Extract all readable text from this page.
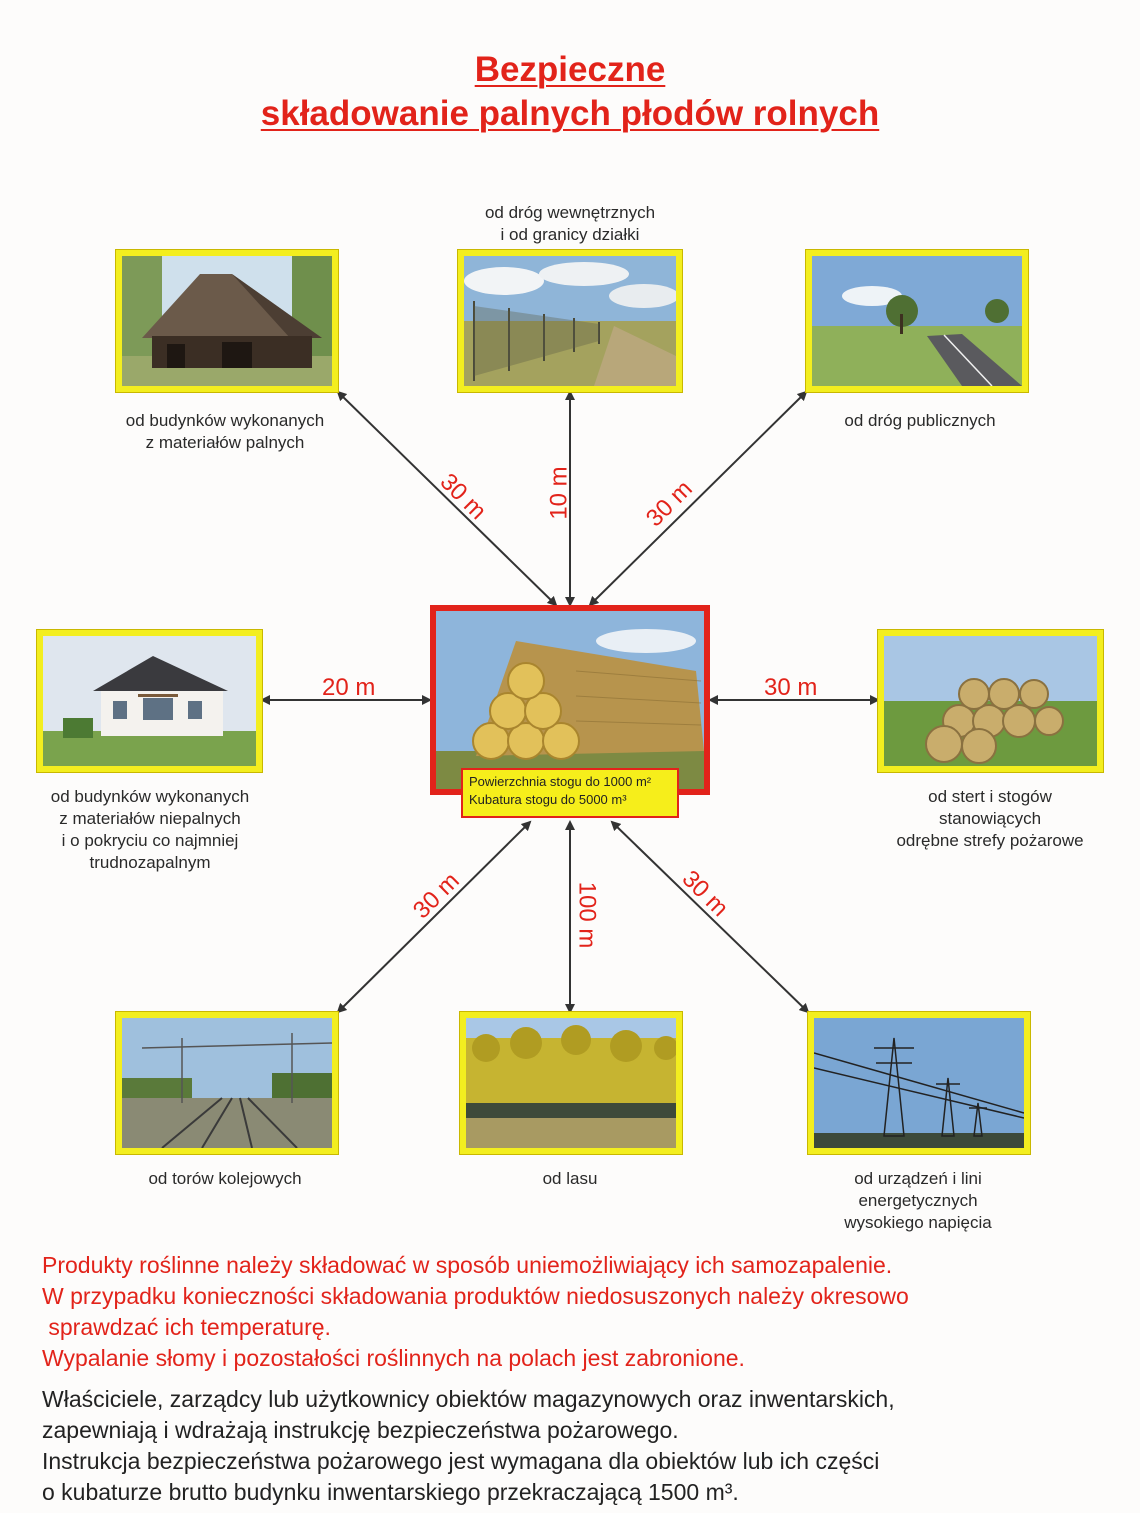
Bezpieczne
składowanie palnych płodów rolnych
30 m 10 m	30 m
20 m	30 m
30 m	100 m	30 m
od budynków wykonanych
z materiałów palnych
od dróg wewnętrznych
i od granicy działki
od dróg publicznych
od budynków wykonanych
z materiałów niepalnych
i o pokryciu co najmniej
trudnozapalnym
Powierzchnia stogu do 1000 m²
Kubatura stogu do 5000 m³	od stert i stogów
stanowiących
odrębne strefy pożarowe
od torów kolejowych	od lasu	od urządzeń i lini
energetycznych
wysokiego napięcia
Produkty roślinne należy składować w sposób uniemożliwiający ich samozapalenie.
W przypadku konieczności składowania produktów niedosuszonych należy okresowo
sprawdzać ich temperaturę.
Wypalanie słomy i pozostałości roślinnych na polach jest zabronione.
Właściciele, zarządcy lub użytkownicy obiektów magazynowych oraz inwentarskich,
zapewniają i wdrażają instrukcję bezpieczeństwa pożarowego.
Instrukcja bezpieczeństwa pożarowego jest wymagana dla obiektów lub ich części
o kubaturze brutto budynku inwentarskiego przekraczającą 1500 m³.
